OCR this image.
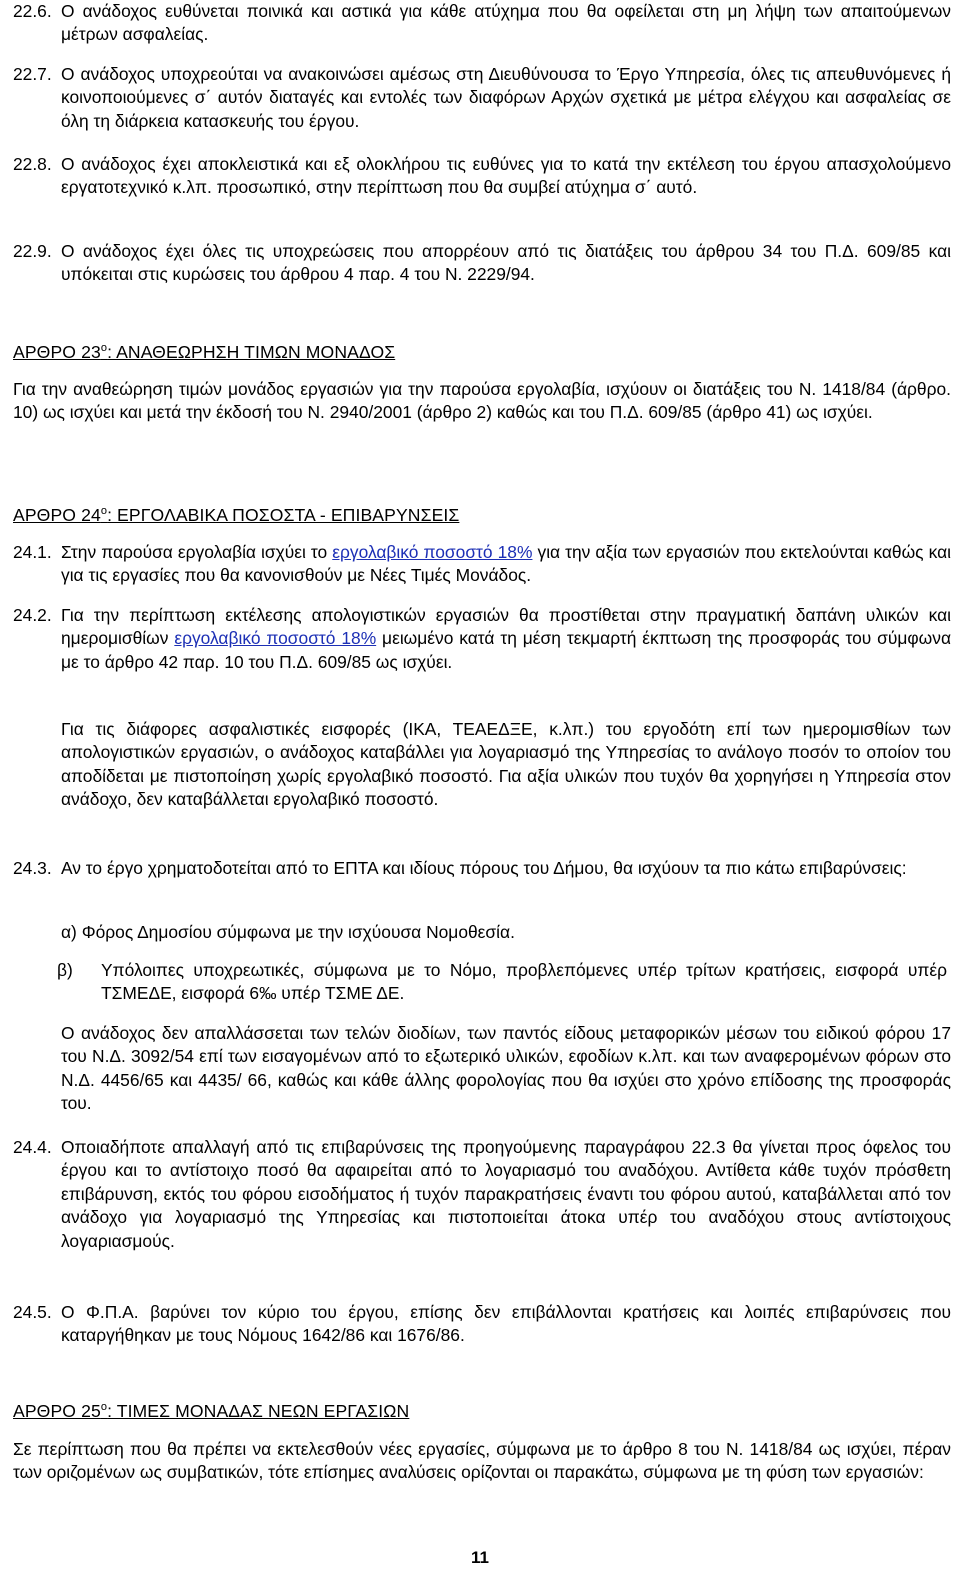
22.6. Ο ανάδοχος ευθύνεται ποινικά και αστικά για κάθε ατύχημα που θα οφείλεται στη μη λήψη των απαιτούμενων μέτρων ασφαλείας.

22.7. Ο ανάδοχος υποχρεούται να ανακοινώσει αμέσως στη Διευθύνουσα το Έργο Υπηρεσία, όλες τις απευθυνόμενες ή κοινοποιούμενες σ΄ αυτόν διαταγές και εντολές των διαφόρων Αρχών σχετικά με μέτρα ελέγχου και ασφαλείας σε όλη τη διάρκεια κατασκευής του έργου.

22.8. Ο ανάδοχος έχει αποκλειστικά και εξ ολοκλήρου τις ευθύνες για το κατά την εκτέλεση του έργου απασχολούμενο εργατοτεχνικό κ.λπ. προσωπικό, στην περίπτωση που θα συμβεί ατύχημα σ΄ αυτό.

22.9. Ο ανάδοχος έχει όλες τις υποχρεώσεις που απορρέουν από τις διατάξεις του άρθρου 34 του Π.Δ. 609/85 και υπόκειται στις κυρώσεις του άρθρου 4 παρ. 4 του Ν. 2229/94.

ΑΡΘΡΟ $23^o$: ΑΝΑΘΕΩΡΗΣΗ ΤΙΜΩΝ ΜΟΝΑΔΟΣ

Για την αναθεώρηση τιμών μονάδος εργασιών για την παρούσα εργολαβία, ισχύουν οι διατάξεις του Ν. 1418/84 (άρθρο. 10) ως ισχύει και μετά την έκδοσή του Ν. 2940/2001 (άρθρο 2) καθώς και του Π.Δ. 609/85 (άρθρο 41) ως ισχύει.

ΑΡΘΡΟ $24^o$: ΕΡΓΟΛΑΒΙΚΑ ΠΟΣΟΣΤΑ - ΕΠΙΒΑΡΥΝΣΕΙΣ

24.1. Στην παρούσα εργολαβία ισχύει το εργολαβικό ποσοστό 18% για την αξία των εργασιών που εκτελούνται καθώς και για τις εργασίες που θα κανονισθούν με Νέες Τιμές Μονάδος.

24.2. Για την περίπτωση εκτέλεσης απολογιστικών εργασιών θα προστίθεται στην πραγματική δαπάνη υλικών και ημερομισθίων εργολαβικό ποσοστό 18% μειωμένο κατά τη μέση τεκμαρτή έκπτωση της προσφοράς του σύμφωνα με το άρθρο 42 παρ. 10 του Π.Δ. 609/85 ως ισχύει.

Για τις διάφορες ασφαλιστικές εισφορές (ΙΚΑ, ΤΕΑΕΔΞΕ, κ.λπ.) του εργοδότη επί των ημερομισθίων των απολογιστικών εργασιών, ο ανάδοχος καταβάλλει για λογαριασμό της Υπηρεσίας το ανάλογο ποσόν το οποίον του αποδίδεται με πιστοποίηση χωρίς εργολαβικό ποσοστό. Για αξία υλικών που τυχόν θα χορηγήσει η Υπηρεσία στον ανάδοχο, δεν καταβάλλεται εργολαβικό ποσοστό.

24.3. Αν το έργο χρηματοδοτείται από το ΕΠΤΑ και ιδίους πόρους του Δήμου, θα ισχύουν τα πιο κάτω επιβαρύνσεις:

α) Φόρος Δημοσίου σύμφωνα με την ισχύουσα Νομοθεσία.

β) Υπόλοιπες υποχρεωτικές, σύμφωνα με το Νόμο, προβλεπόμενες υπέρ τρίτων κρατήσεις, εισφορά υπέρ ΤΣΜΕΔΕ, εισφορά 6‰ υπέρ ΤΣΜΕ ΔΕ.

Ο ανάδοχος δεν απαλλάσσεται των τελών διοδίων, των παντός είδους μεταφορικών μέσων του ειδικού φόρου 17 του Ν.Δ. 3092/54 επί των εισαγομένων από το εξωτερικό υλικών, εφοδίων κ.λπ. και των αναφερομένων φόρων στο Ν.Δ. 4456/65 και 4435/ 66, καθώς και κάθε άλλης φορολογίας που θα ισχύει στο χρόνο επίδοσης της προσφοράς του.

24.4. Οποιαδήποτε απαλλαγή από τις επιβαρύνσεις της προηγούμενης παραγράφου 22.3 θα γίνεται προς όφελος του έργου και το αντίστοιχο ποσό θα αφαιρείται από το λογαριασμό του αναδόχου. Αντίθετα κάθε τυχόν πρόσθετη επιβάρυνση, εκτός του φόρου εισοδήματος ή τυχόν παρακρατήσεις έναντι του φόρου αυτού, καταβάλλεται από τον ανάδοχο για λογαριασμό της Υπηρεσίας και πιστοποιείται άτοκα υπέρ του αναδόχου στους αντίστοιχους λογαριασμούς.

24.5. Ο Φ.Π.Α. βαρύνει τον κύριο του έργου, επίσης δεν επιβάλλονται κρατήσεις και λοιπές επιβαρύνσεις που καταργήθηκαν με τους Νόμους 1642/86 και 1676/86.

ΑΡΘΡΟ $25^o$: ΤΙΜΕΣ ΜΟΝΑΔΑΣ ΝΕΩΝ ΕΡΓΑΣΙΩΝ

Σε περίπτωση που θα πρέπει να εκτελεσθούν νέες εργασίες, σύμφωνα με το άρθρο 8 του Ν. 1418/84 ως ισχύει, πέραν των οριζομένων ως συμβατικών, τότε επίσημες αναλύσεις ορίζονται οι παρακάτω, σύμφωνα με τη φύση των εργασιών:

11
